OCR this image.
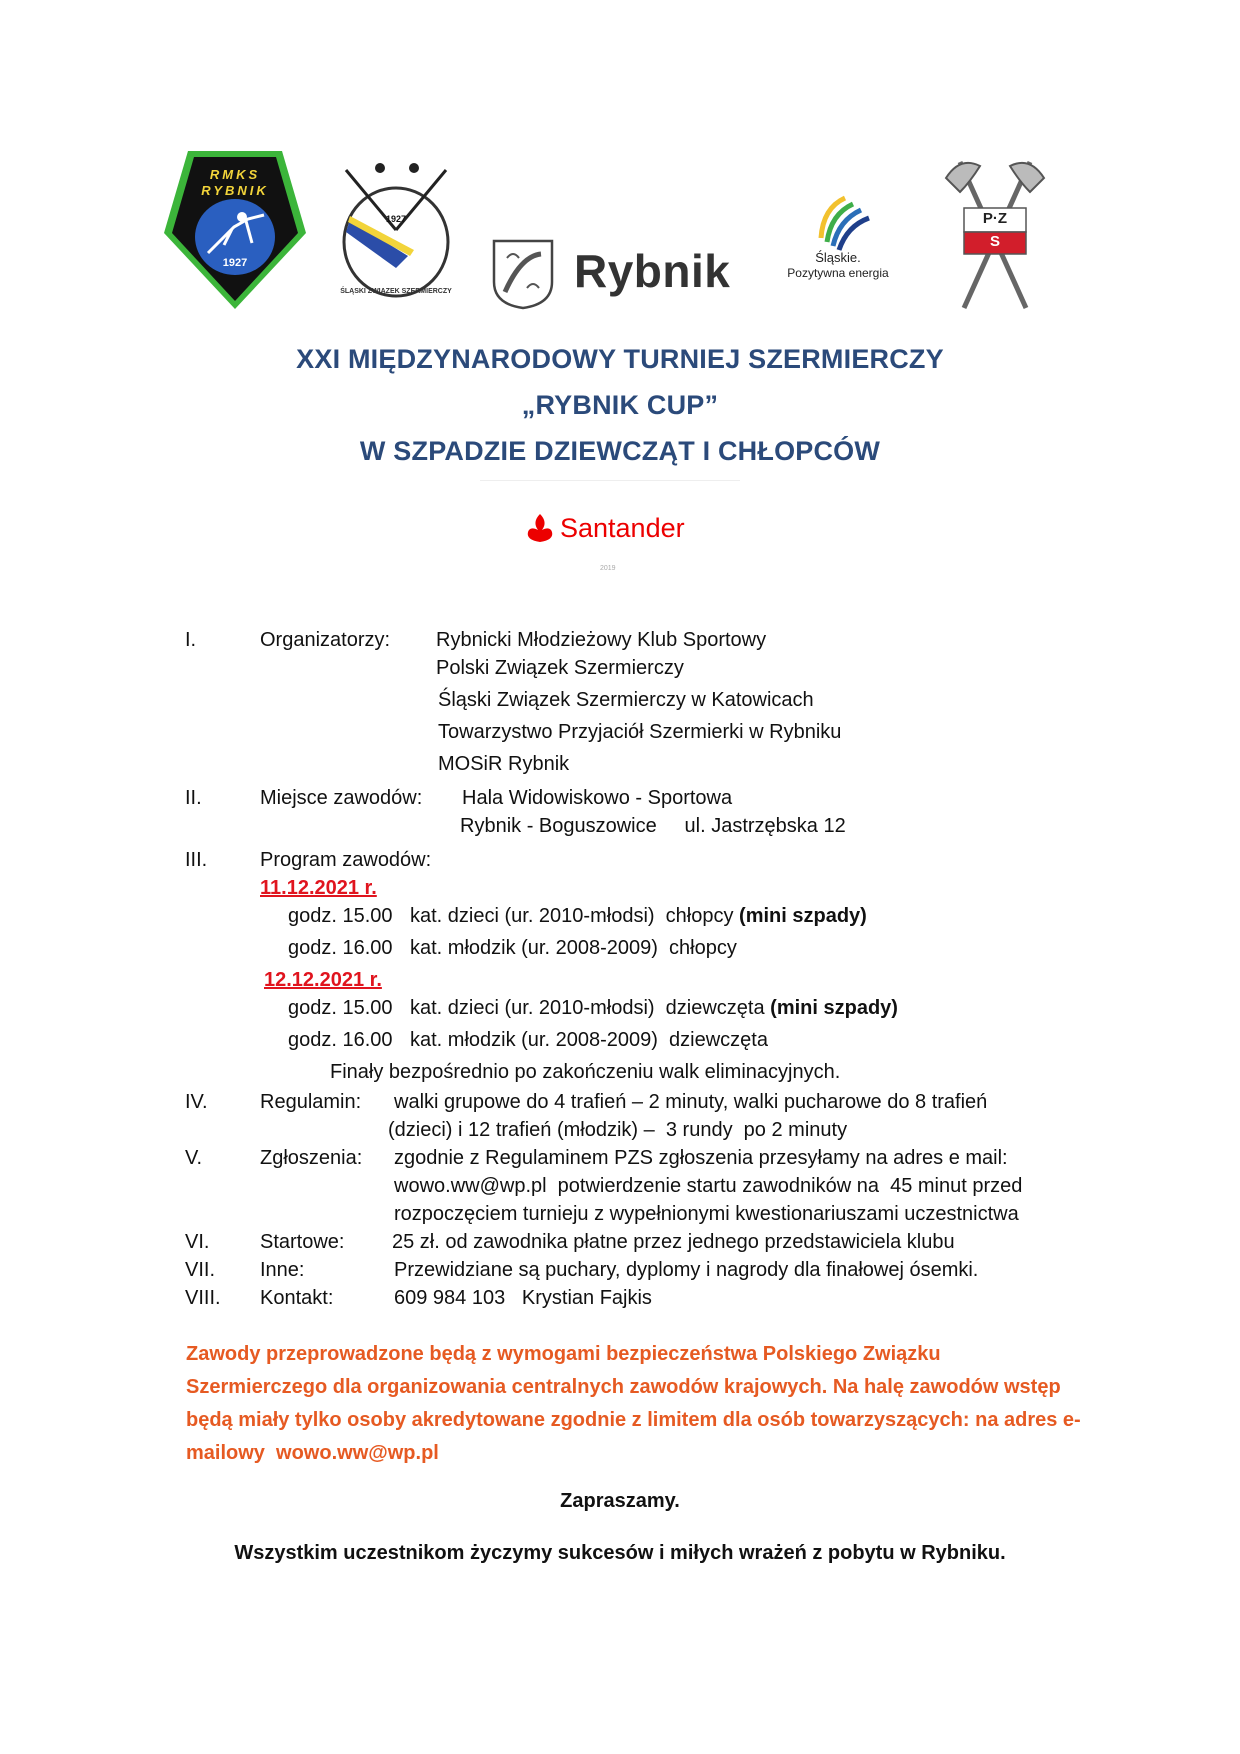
RMKS
RYBNIK
1927
1927
ŚLĄSKI ZWIĄZEK SZERMIERCZY	Rybnik	Śląskie.
Pozytywna energia
P·Z
S
XXI MIĘDZYNARODOWY TURNIEJ SZERMIERCZY
„RYBNIK CUP”
W SZPADZIE DZIEWCZĄT I CHŁOPCÓW
Santander
2019
I.	Organizatorzy: Rybnicki Młodzieżowy Klub Sportowy
Polski Związek Szermierczy
Śląski Związek Szermierczy w Katowicach
Towarzystwo Przyjaciół Szermierki w Rybniku
MOSiR Rybnik
II.	Miejsce zawodów: Hala Widowiskowo - Sportowa
Rybnik - Boguszowice     ul. Jastrzębska 12
III.	Program zawodów:
11.12.2021 r.
godz. 15.00 kat. dzieci (ur. 2010-młodsi)  chłopcy (mini szpady)
godz. 16.00 kat. młodzik (ur. 2008-2009)  chłopcy
12.12.2021 r.
godz. 15.00 kat. dzieci (ur. 2010-młodsi)  dziewczęta (mini szpady)
godz. 16.00 kat. młodzik (ur. 2008-2009)  dziewczęta
Finały bezpośrednio po zakończeniu walk eliminacyjnych.
IV.	Regulamin: walki grupowe do 4 trafień – 2 minuty, walki pucharowe do 8 trafień
(dzieci) i 12 trafień (młodzik) –  3 rundy  po 2 minuty
V.	Zgłoszenia: zgodnie z Regulaminem PZS zgłoszenia przesyłamy na adres e mail:
wowo.ww@wp.pl  potwierdzenie startu zawodników na  45 minut przed
rozpoczęciem turnieju z wypełnionymi kwestionariuszami uczestnictwa
VI.	Startowe: 25 zł. od zawodnika płatne przez jednego przedstawiciela klubu
VII. Inne:	Przewidziane są puchary, dyplomy i nagrody dla finałowej ósemki.
VIII. Kontakt:	609 984 103   Krystian Fajkis
Zawody przeprowadzone będą z wymogami bezpieczeństwa Polskiego Związku
Szermierczego dla organizowania centralnych zawodów krajowych. Na halę zawodów wstęp
będą miały tylko osoby akredytowane zgodnie z limitem dla osób towarzyszących: na adres e-
mailowy  wowo.ww@wp.pl
Zapraszamy.
Wszystkim uczestnikom życzymy sukcesów i miłych wrażeń z pobytu w Rybniku.
